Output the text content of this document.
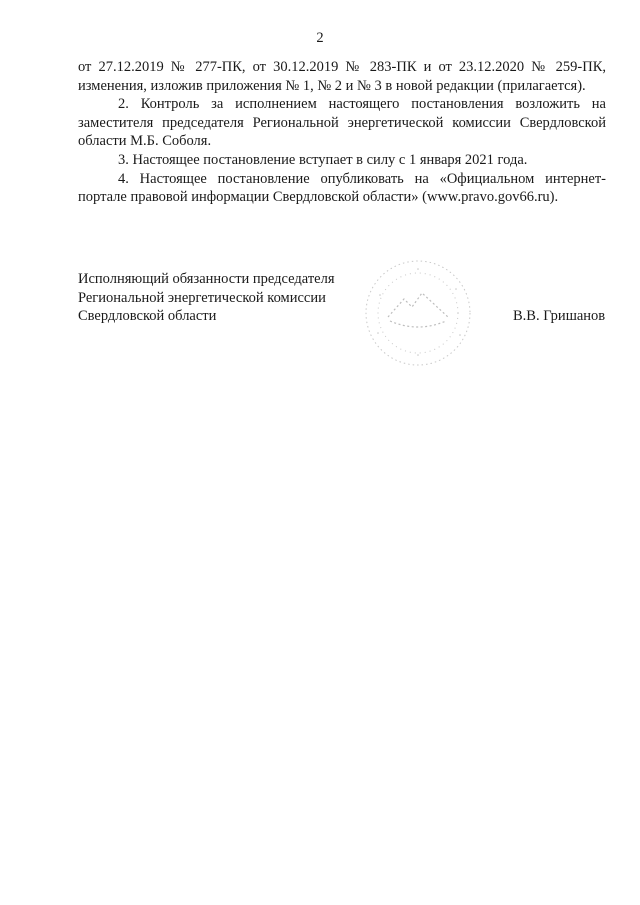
2

от 27.12.2019 № 277-ПК, от 30.12.2019 № 283-ПК и от 23.12.2020 № 259-ПК, изменения, изложив приложения № 1, № 2 и № 3 в новой редакции (прилагается).

2. Контроль за исполнением настоящего постановления возложить на заместителя председателя Региональной энергетической комиссии Свердловской области М.Б. Соболя.

3. Настоящее постановление вступает в силу с 1 января 2021 года.

4. Настоящее постановление опубликовать на «Официальном интернет-портале правовой информации Свердловской области» (www.pravo.gov66.ru).

Исполняющий обязанности председателя
Региональной энергетической комиссии
Свердловской области	В.В. Гришанов
